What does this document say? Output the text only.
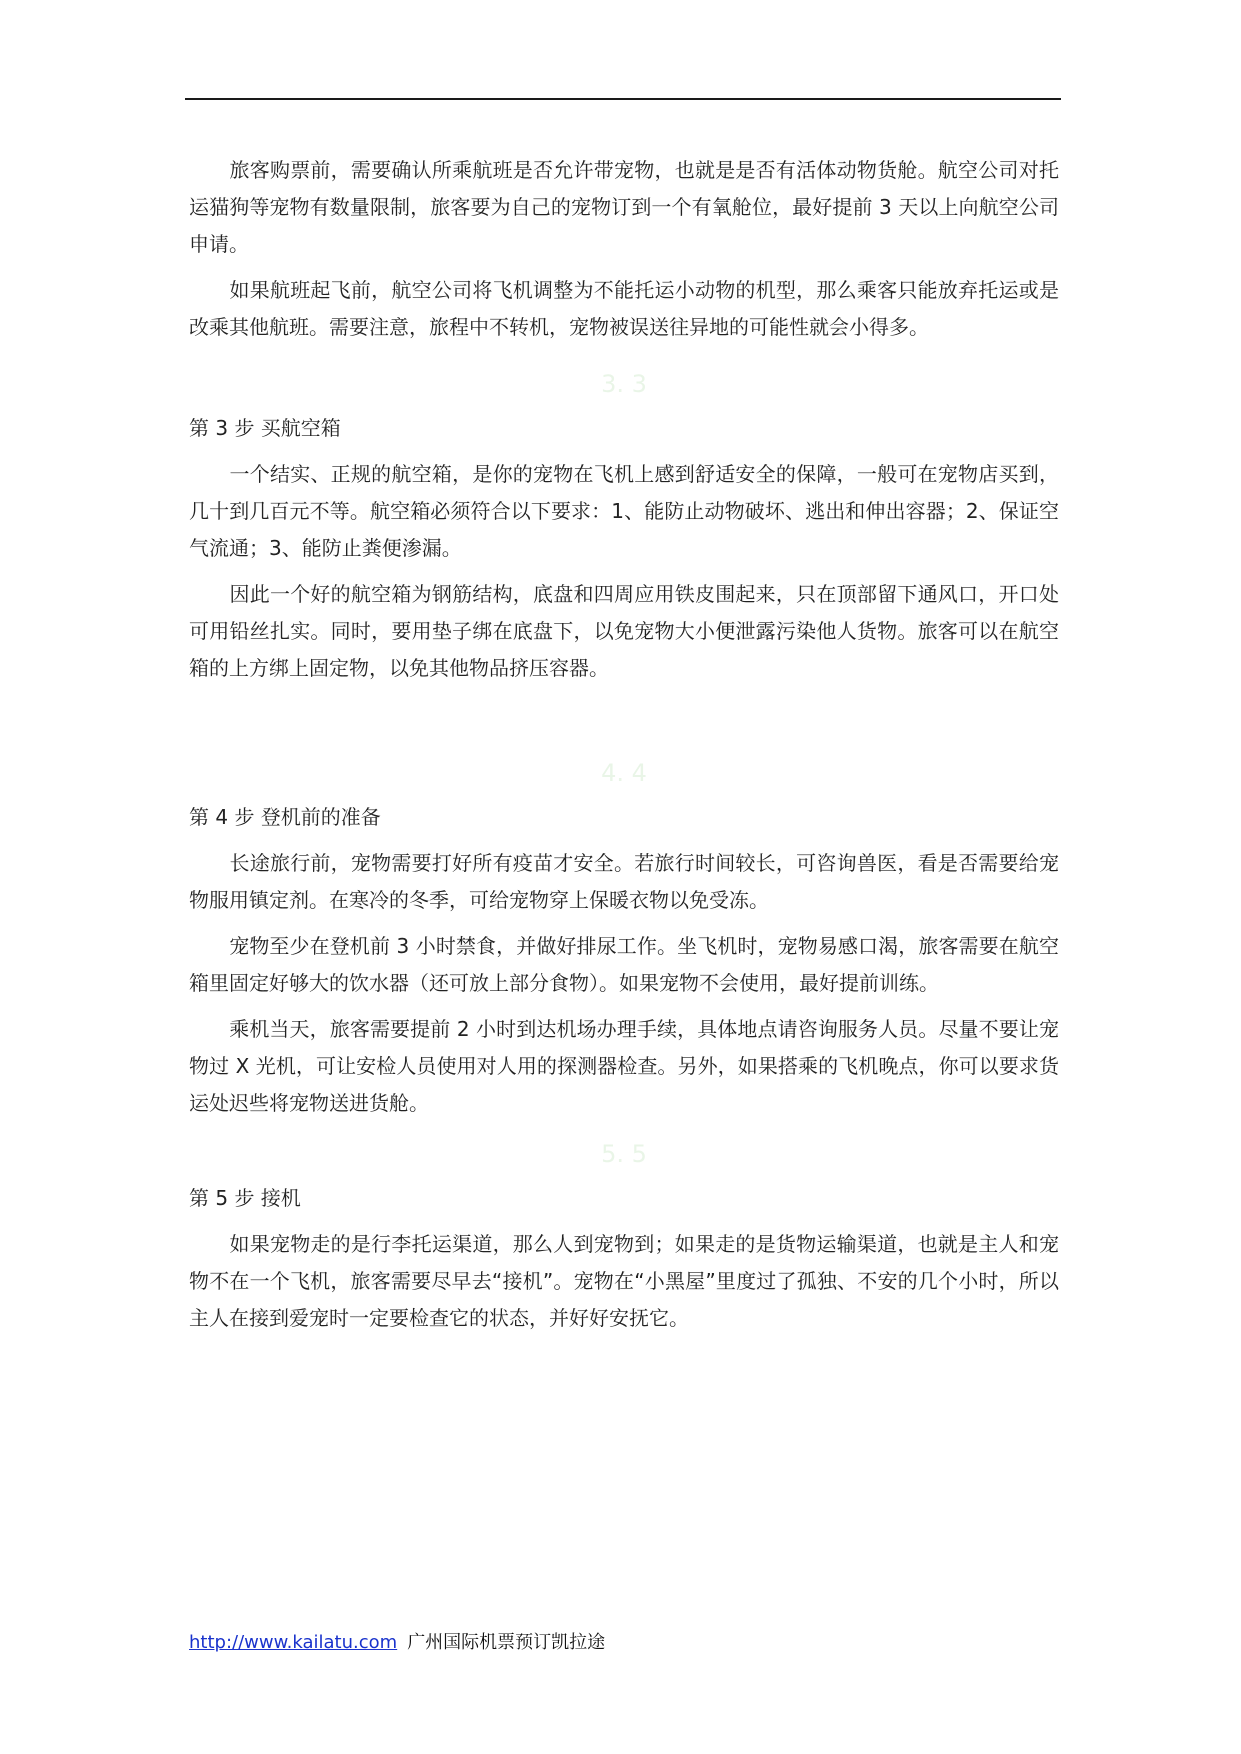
　　旅客购票前，需要确认所乘航班是否允许带宠物，也就是是否有活体动物货舱。航空公司对托运猫狗等宠物有数量限制，旅客要为自己的宠物订到一个有氧舱位，最好提前 3 天以上向航空公司申请。

　　如果航班起飞前，航空公司将飞机调整为不能托运小动物的机型，那么乘客只能放弃托运或是改乘其他航班。需要注意，旅程中不转机，宠物被误送往异地的可能性就会小得多。

3. 3

第 3 步 买航空箱

　　一个结实、正规的航空箱，是你的宠物在飞机上感到舒适安全的保障，一般可在宠物店买到，几十到几百元不等。航空箱必须符合以下要求：1、能防止动物破坏、逃出和伸出容器；2、保证空气流通；3、能防止粪便渗漏。

　　因此一个好的航空箱为钢筋结构，底盘和四周应用铁皮围起来，只在顶部留下通风口，开口处可用铅丝扎实。同时，要用垫子绑在底盘下，以免宠物大小便泄露污染他人货物。旅客可以在航空箱的上方绑上固定物，以免其他物品挤压容器。

4. 4

第 4 步 登机前的准备

　　长途旅行前，宠物需要打好所有疫苗才安全。若旅行时间较长，可咨询兽医，看是否需要给宠物服用镇定剂。在寒冷的冬季，可给宠物穿上保暖衣物以免受冻。

　　宠物至少在登机前 3 小时禁食，并做好排尿工作。坐飞机时，宠物易感口渴，旅客需要在航空箱里固定好够大的饮水器（还可放上部分食物）。如果宠物不会使用，最好提前训练。

　　乘机当天，旅客需要提前 2 小时到达机场办理手续，具体地点请咨询服务人员。尽量不要让宠物过 X 光机，可让安检人员使用对人用的探测器检查。另外，如果搭乘的飞机晚点，你可以要求货运处迟些将宠物送进货舱。

5. 5

第 5 步 接机

　　如果宠物走的是行李托运渠道，那么人到宠物到；如果走的是货物运输渠道，也就是主人和宠物不在一个飞机，旅客需要尽早去“接机”。宠物在“小黑屋”里度过了孤独、不安的几个小时，所以主人在接到爱宠时一定要检查它的状态，并好好安抚它。

http://www.kailatu.com 广州国际机票预订凯拉途
